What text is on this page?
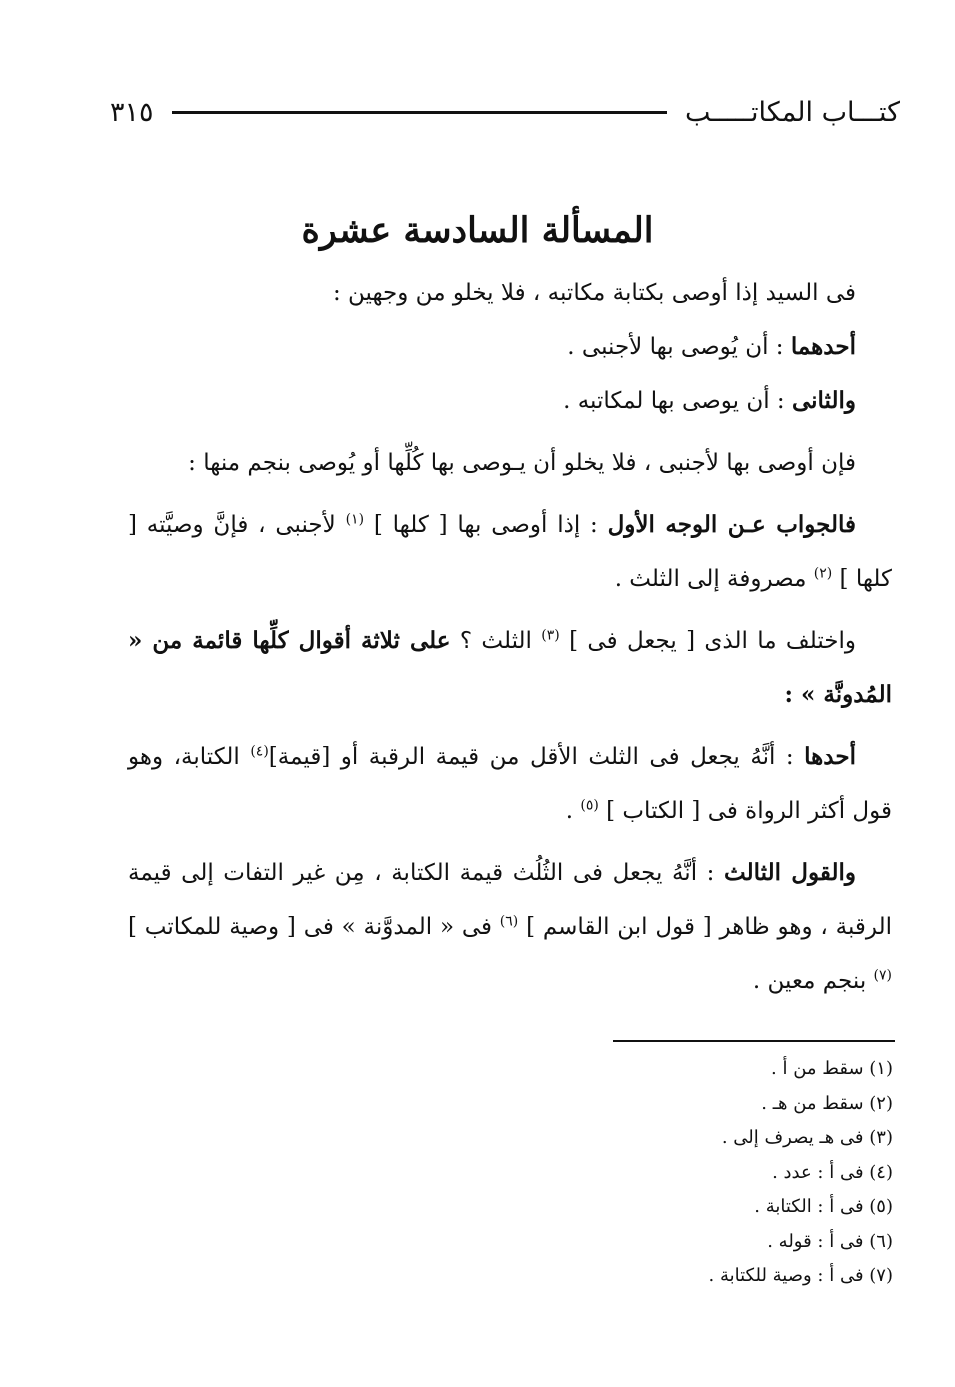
كتـــاب المكاتـــــب
٣١٥
المسألة السادسة عشرة

فى السيد إذا أوصى بكتابة مكاتبه ، فلا يخلو من وجهين :

أحدهما : أن يُوصى بها لأجنبى .

والثانى : أن يوصى بها لمكاتبه .

فإن أوصى بها لأجنبى ، فلا يخلو أن يـوصى بها كُلِّها أو يُوصى بنجم منها :

فالجواب عـن الوجه الأول : إذا أوصى بها [ كلها ] $^{(١)}$ لأجنبى ، فإنَّ وصيَّته [ كلها ] $^{(٢)}$ مصروفة إلى الثلث .

واختلف ما الذى [ يجعل فى ] $^{(٣)}$ الثلث ؟ على ثلاثة أقوال كلِّها قائمة من « المُدونَّة » :

أحدها : أنَّهُ يجعل فى الثلث الأقل من قيمة الرقبة أو [قيمة]$^{(٤)}$ الكتابة، وهو قول أكثر الرواة فى [ الكتاب ] $^{(٥)}$ .

والقول الثالث : أنَّهُ يجعل فى الثُلُث قيمة الكتابة ، مِن غير التفات إلى قيمة الرقبة ، وهو ظاهر [ قول ابن القاسم ] $^{(٦)}$ فى « المدوَّنة » فى [ وصية للمكاتب ] $^{(٧)}$ بنجم معين .

(١) سقط من أ .
(٢) سقط من هـ .
(٣) فى هـ يصرف إلى .
(٤) فى أ : عدد .
(٥) فى أ : الكتابة .
(٦) فى أ : قوله .
(٧) فى أ : وصية للكتابة .
